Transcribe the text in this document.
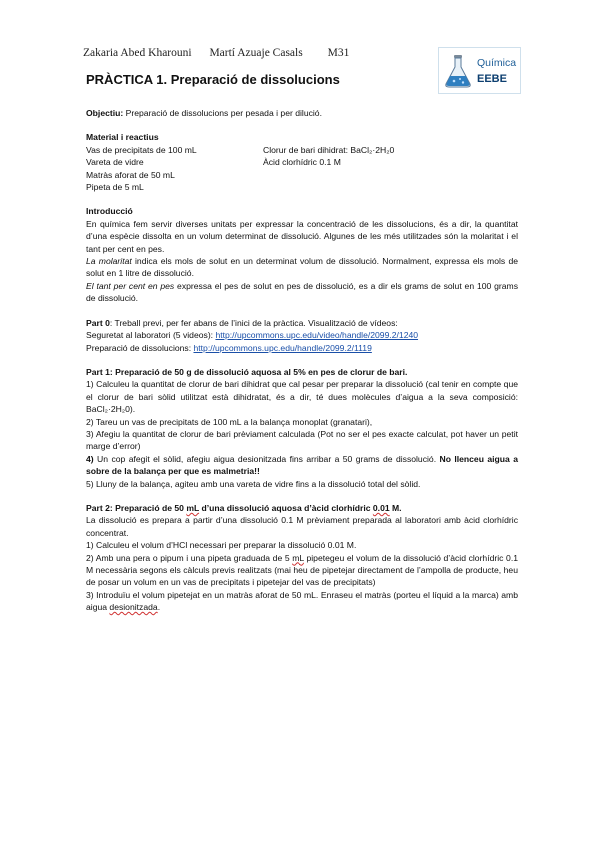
Zakaria Abed Kharouni Martí Azuaje Casals M31
PRÀCTICA 1. Preparació de dissolucions
Química
EEBE

Objectiu: Preparació de dissolucions per pesada i per dilució.

Material i reactius

Vas de precipitats de 100 mL

Vareta de vidre

Matràs aforat de 50 mL

Pipeta de 5 mL

Clorur de bari dihidrat: BaCl₂·2H₂0

Àcid clorhídric 0.1 M

Introducció

En química fem servir diverses unitats per expressar la concentració de les dissolucions, és a dir, la quantitat d’una espècie dissolta en un volum determinat de dissolució. Algunes de les més utilitzades són la molaritat i el tant per cent en pes.

La molaritat indica els mols de solut en un determinat volum de dissolució. Normalment, expressa els mols de solut en 1 litre de dissolució.

El tant per cent en pes expressa el pes de solut en pes de dissolució, es a dir els grams de solut en 100 grams de dissolució.

Part 0: Treball previ, per fer abans de l’inici de la pràctica. Visualització de vídeos:

Seguretat al laboratori (5 videos): http://upcommons.upc.edu/video/handle/2099.2/1240

Preparació de dissolucions: http://upcommons.upc.edu/handle/2099.2/1119

Part 1: Preparació de 50 g de dissolució aquosa al 5% en pes de clorur de bari.

1) Calculeu la quantitat de clorur de bari dihidrat que cal pesar per preparar la dissolució (cal tenir en compte que el clorur de bari sòlid utilitzat està dihidratat, és a dir, té dues molècules d’aigua a la seva composició: BaCl₂·2H₂0).

2) Tareu un vas de precipitats de 100 mL a la balança monoplat (granatari),

3) Afegiu la quantitat de clorur de bari prèviament calculada (Pot no ser el pes exacte calculat, pot haver un petit marge d’error)

4) Un cop afegit el sòlid, afegiu aigua desionitzada fins arribar a 50 grams de dissolució. No llenceu aigua a sobre de la balança per que es malmetria!!

5) Lluny de la balança, agiteu amb una vareta de vidre fins a la dissolució total del sòlid.

Part 2: Preparació de 50 mL d’una dissolució aquosa d’àcid clorhídric 0.01 M.

La dissolució es prepara a partir d’una dissolució 0.1 M prèviament preparada al laboratori amb àcid clorhídric concentrat.

1) Calculeu el volum d’HCl necessari per preparar la dissolució 0.01 M.

2) Amb una pera o pipum i una pipeta graduada de 5 mL pipetegeu el volum de la dissolució d’àcid clorhídric 0.1 M necessària segons els càlculs previs realitzats (mai heu de pipetejar directament de l’ampolla de producte, heu de posar un volum en un vas de precipitats i pipetejar del vas de precipitats)

3) Introduïu el volum pipetejat en un matràs aforat de 50 mL. Enraseu el matràs (porteu el líquid a la marca) amb aigua desionitzada.
